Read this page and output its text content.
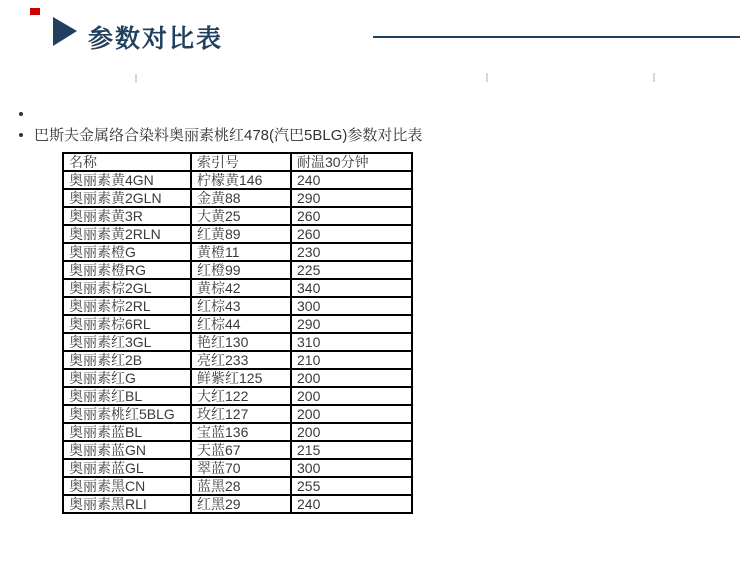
参数对比表
巴斯夫金属络合染料奥丽素桃红478(汽巴5BLG)参数对比表
名称	索引号	耐温30分钟
奥丽素黄4GN	柠檬黄146	240
奥丽素黄2GLN	金黄88	290
奥丽素黄3R	大黄25	260
奥丽素黄2RLN	红黄89	260
奥丽素橙G	黄橙11	230
奥丽素橙RG	红橙99	225
奥丽素棕2GL	黄棕42	340
奥丽素棕2RL	红棕43	300
奥丽素棕6RL	红棕44	290
奥丽素红3GL	艳红130	310
奥丽素红2B	亮红233	210
奥丽素红G	鲜紫红125	200
奥丽素红BL	大红122	200
奥丽素桃红5BLG	玫红127	200
奥丽素蓝BL	宝蓝136	200
奥丽素蓝GN	天蓝67	215
奥丽素蓝GL	翠蓝70	300
奥丽素黑CN	蓝黑28	255
奥丽素黑RLI	红黑29	240
